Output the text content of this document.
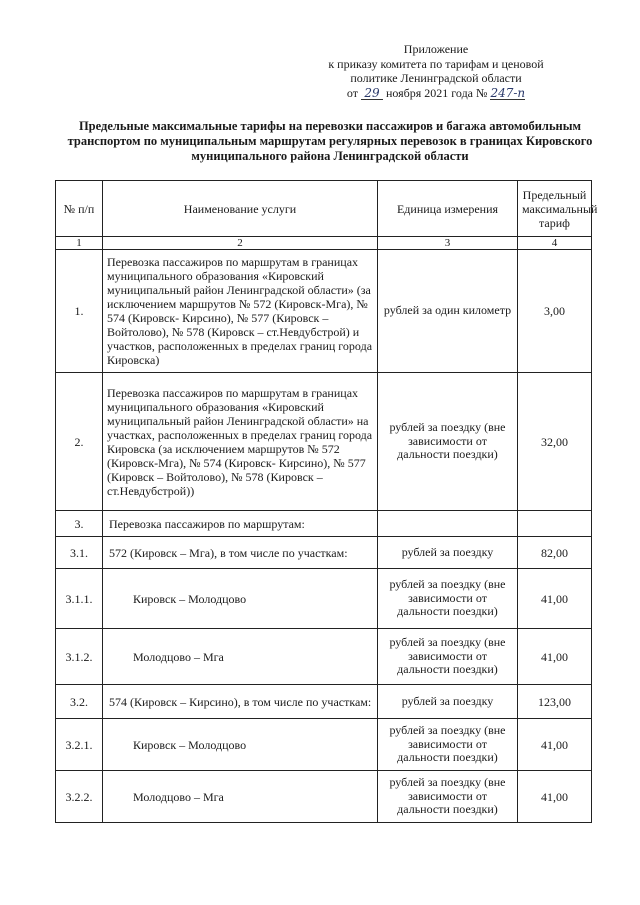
Приложение
к приказу комитета по тарифам и ценовой
политике Ленинградской области
от 29 ноября 2021 года № 247-п
Предельные максимальные тарифы на перевозки пассажиров и багажа автомобильным транспортом по муниципальным маршрутам регулярных перевозок в границах Кировского муниципального района Ленинградской области
№ п/п	Наименование услуги	Единица измерения	Предельный максимальный тариф
1	2	3	4
1.	Перевозка пассажиров по маршрутам в границах муниципального образования «Кировский муниципальный район Ленинградской области» (за исключением маршрутов № 572 (Кировск-Мга), № 574 (Кировск- Кирсино), № 577 (Кировск – Войтолово), № 578 (Кировск – ст.Невдубстрой) и участков, расположенных в пределах границ города Кировска)	рублей за один километр	3,00
2.	Перевозка пассажиров по маршрутам в границах муниципального образования «Кировский муниципальный район Ленинградской области» на участках, расположенных в пределах границ города Кировска (за исключением маршрутов № 572 (Кировск-Мга), № 574 (Кировск- Кирсино), № 577 (Кировск – Войтолово), № 578 (Кировск – ст.Невдубстрой))	рублей за поездку (вне зависимости от дальности поездки)	32,00
3.	Перевозка пассажиров по маршрутам:		
3.1.	572 (Кировск – Мга), в том числе по участкам:	рублей за поездку	82,00
3.1.1.	Кировск – Молодцово	рублей за поездку (вне зависимости от дальности поездки)	41,00
3.1.2.	Молодцово – Мга	рублей за поездку (вне зависимости от дальности поездки)	41,00
3.2.	574 (Кировск – Кирсино), в том числе по участкам:	рублей за поездку	123,00
3.2.1.	Кировск – Молодцово	рублей за поездку (вне зависимости от дальности поездки)	41,00
3.2.2.	Молодцово – Мга	рублей за поездку (вне зависимости от дальности поездки)	41,00
